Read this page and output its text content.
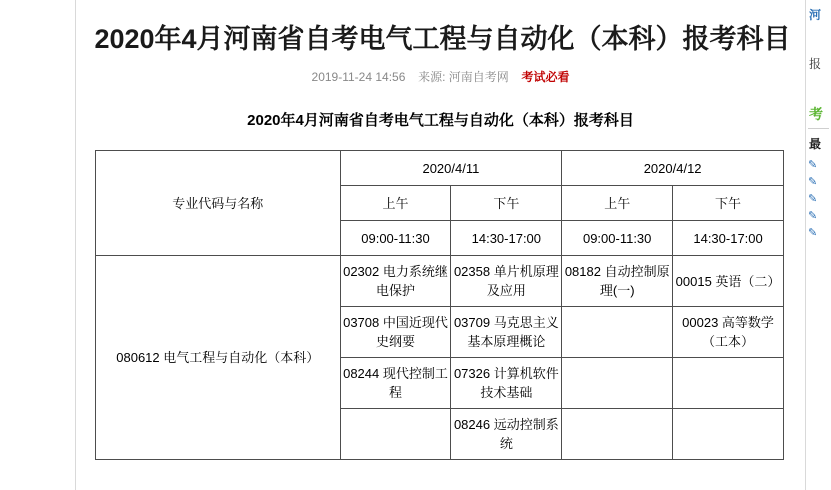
2020年4月河南省自考电气工程与自动化（本科）报考科目
2019-11-24 14:56 来源: 河南自考网 考试必看
2020年4月河南省自考电气工程与自动化（本科）报考科目
专业代码与名称	2020/4/11		2020/4/12	
	上午	下午	上午	下午
	09:00-11:30	14:30-17:00	09:00-11:30	14:30-17:00
080612 电气工程与自动化（本科）	02302 电力系统继电保护	02358 单片机原理及应用	08182 自动控制原理(一)	00015 英语（二）
	03708 中国近现代史纲要	03709 马克思主义基本原理概论		00023 高等数学（工本）
	08244 现代控制工程	07326 计算机软件技术基础		
		08246 远动控制系统		
河
报
考
最
✎
✎
✎
✎
✎
